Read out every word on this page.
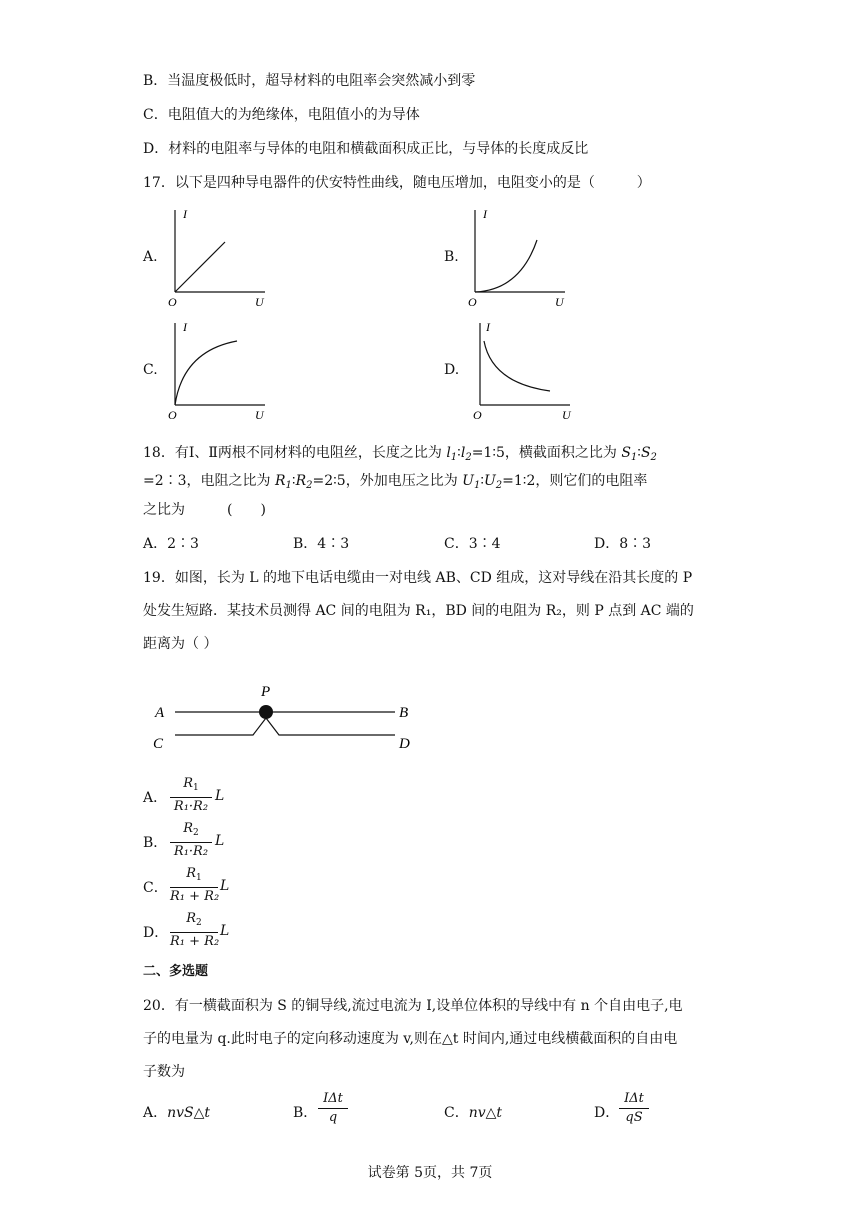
B．当温度极低时，超导材料的电阻率会突然减小到零
C．电阻值大的为绝缘体，电阻值小的为导体
D．材料的电阻率与导体的电阻和横截面积成正比，与导体的长度成反比
17．以下是四种导电器件的伏安特性曲线，随电压增加，电阻变小的是（　　　）
A.	B.
C.	D.
I
O	U
I
O	U
I
O	U
I
O	U
18．有Ⅰ、Ⅱ两根不同材料的电阻丝，长度之比为 $l_1∶l_2=1∶5$，横截面积之比为 $S_1∶S_2$
=2∶3，电阻之比为 $R_1∶R_2=2∶5$，外加电压之比为 $U_1∶U_2=1∶2$，则它们的电阻率
之比为　　　(　　)
A．2∶3	B．4∶3	C．3∶4	D．8∶3
19．如图，长为 L 的地下电话电缆由一对电线 AB、CD 组成，这对导线在沿其长度的 P
处发生短路．某技术员测得 AC 间的电阻为 R₁，BD 间的电阻为 R₂，则 P 点到 AC 端的
距离为（ ）
A	B
C	D
P
A．
$R_1$
R₁·R₂
L
B．
$R_2$
R₁·R₂
L
C．
$R_1$
R₁ + R₂
L
D．
$R_2$
R₁ + R₂
L
二、多选题
20．有一横截面积为 S 的铜导线,流过电流为 I,设单位体积的导线中有 n 个自由电子,电
子的电量为 q.此时电子的定向移动速度为 v,则在△t 时间内,通过电线横截面积的自由电
子数为
A．nvS△t	B．
IΔt
q	C．nv△t	D．
IΔt
qS
试卷第 5页，共 7页
